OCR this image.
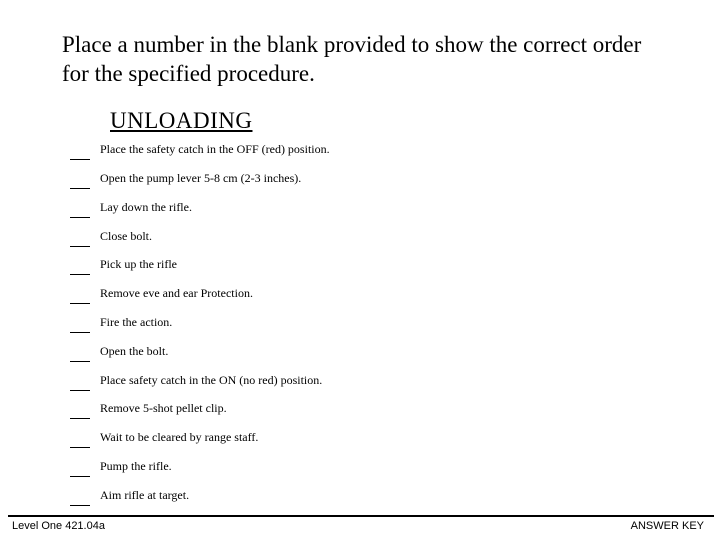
Place a number in the blank provided to show the correct order for the specified procedure.
UNLOADING
Place the safety catch in the OFF (red) position.
Open the pump lever 5-8 cm (2-3 inches).
Lay down the rifle.
Close bolt.
Pick up the rifle
Remove eve and ear Protection.
Fire the action.
Open the bolt.
Place safety catch in the ON (no red) position.
Remove 5-shot pellet clip.
Wait to be cleared by range staff.
Pump the rifle.
Aim rifle at target.
Level One 421.04a	ANSWER KEY
